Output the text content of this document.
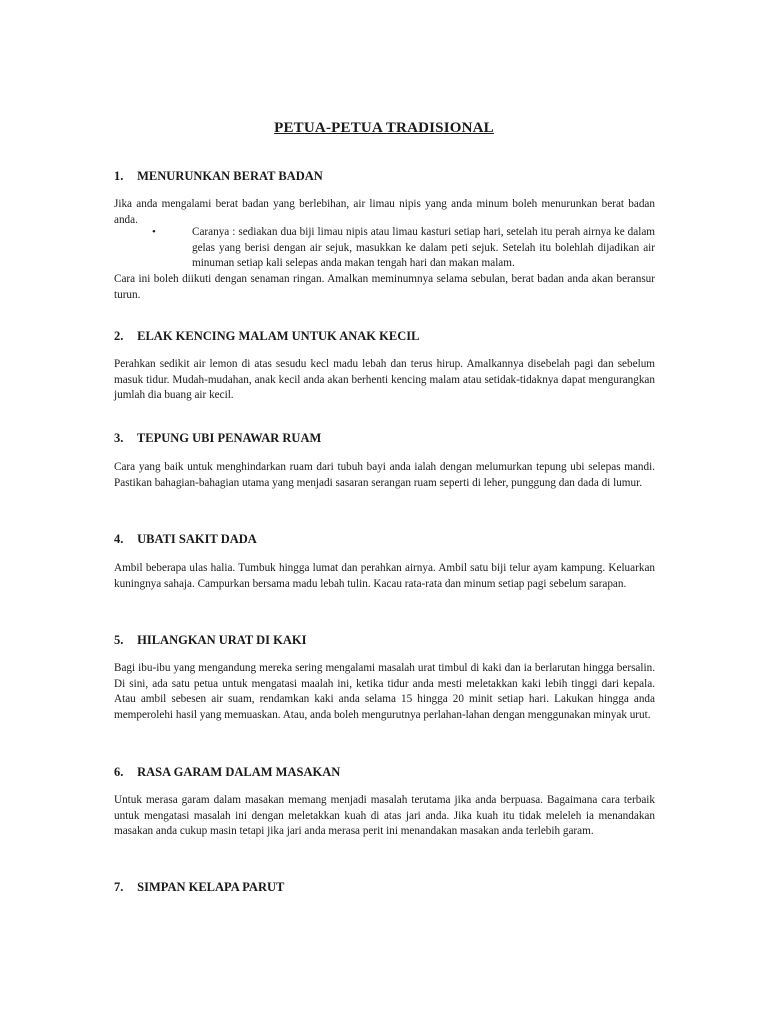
PETUA-PETUA TRADISIONAL
1. MENURUNKAN BERAT BADAN

Jika anda mengalami berat badan yang berlebihan, air limau nipis yang anda minum boleh menurunkan berat badan anda.

•	Caranya : sediakan dua biji limau nipis atau limau kasturi setiap hari, setelah itu perah airnya ke dalam gelas yang berisi dengan air sejuk, masukkan ke dalam peti sejuk. Setelah itu bolehlah dijadikan air minuman setiap kali selepas anda makan tengah hari dan makan malam.

Cara ini boleh diikuti dengan senaman ringan. Amalkan meminumnya selama sebulan, berat badan anda akan beransur turun.

2. ELAK KENCING MALAM UNTUK ANAK KECIL

Perahkan sedikit air lemon di atas sesudu kecl madu lebah dan terus hirup. Amalkannya disebelah pagi dan sebelum masuk tidur. Mudah-mudahan, anak kecil anda akan berhenti kencing malam atau setidak-tidaknya dapat mengurangkan jumlah dia buang air kecil.

3. TEPUNG UBI PENAWAR RUAM

Cara yang baik untuk menghindarkan ruam dari tubuh bayi anda ialah dengan melumurkan tepung ubi selepas mandi. Pastikan bahagian-bahagian utama yang menjadi sasaran serangan ruam seperti di leher, punggung dan dada di lumur.

4. UBATI SAKIT DADA

Ambil beberapa ulas halia. Tumbuk hingga lumat dan perahkan airnya. Ambil satu biji telur ayam kampung. Keluarkan kuningnya sahaja. Campurkan bersama madu lebah tulin. Kacau rata-rata dan minum setiap pagi sebelum sarapan.

5. HILANGKAN URAT DI KAKI

Bagi ibu-ibu yang mengandung mereka sering mengalami masalah urat timbul di kaki dan ia berlarutan hingga bersalin. Di sini, ada satu petua untuk mengatasi maalah ini, ketika tidur anda mesti meletakkan kaki lebih tinggi dari kepala. Atau ambil sebesen air suam, rendamkan kaki anda selama 15 hingga 20 minit setiap hari. Lakukan hingga anda memperolehi hasil yang memuaskan. Atau, anda boleh mengurutnya perlahan-lahan dengan menggunakan minyak urut.

6. RASA GARAM DALAM MASAKAN

Untuk merasa garam dalam masakan memang menjadi masalah terutama jika anda berpuasa. Bagaimana cara terbaik untuk mengatasi masalah ini dengan meletakkan kuah di atas jari anda. Jika kuah itu tidak meleleh ia menandakan masakan anda cukup masin tetapi jika jari anda merasa perit ini menandakan masakan anda terlebih garam.

7. SIMPAN KELAPA PARUT
